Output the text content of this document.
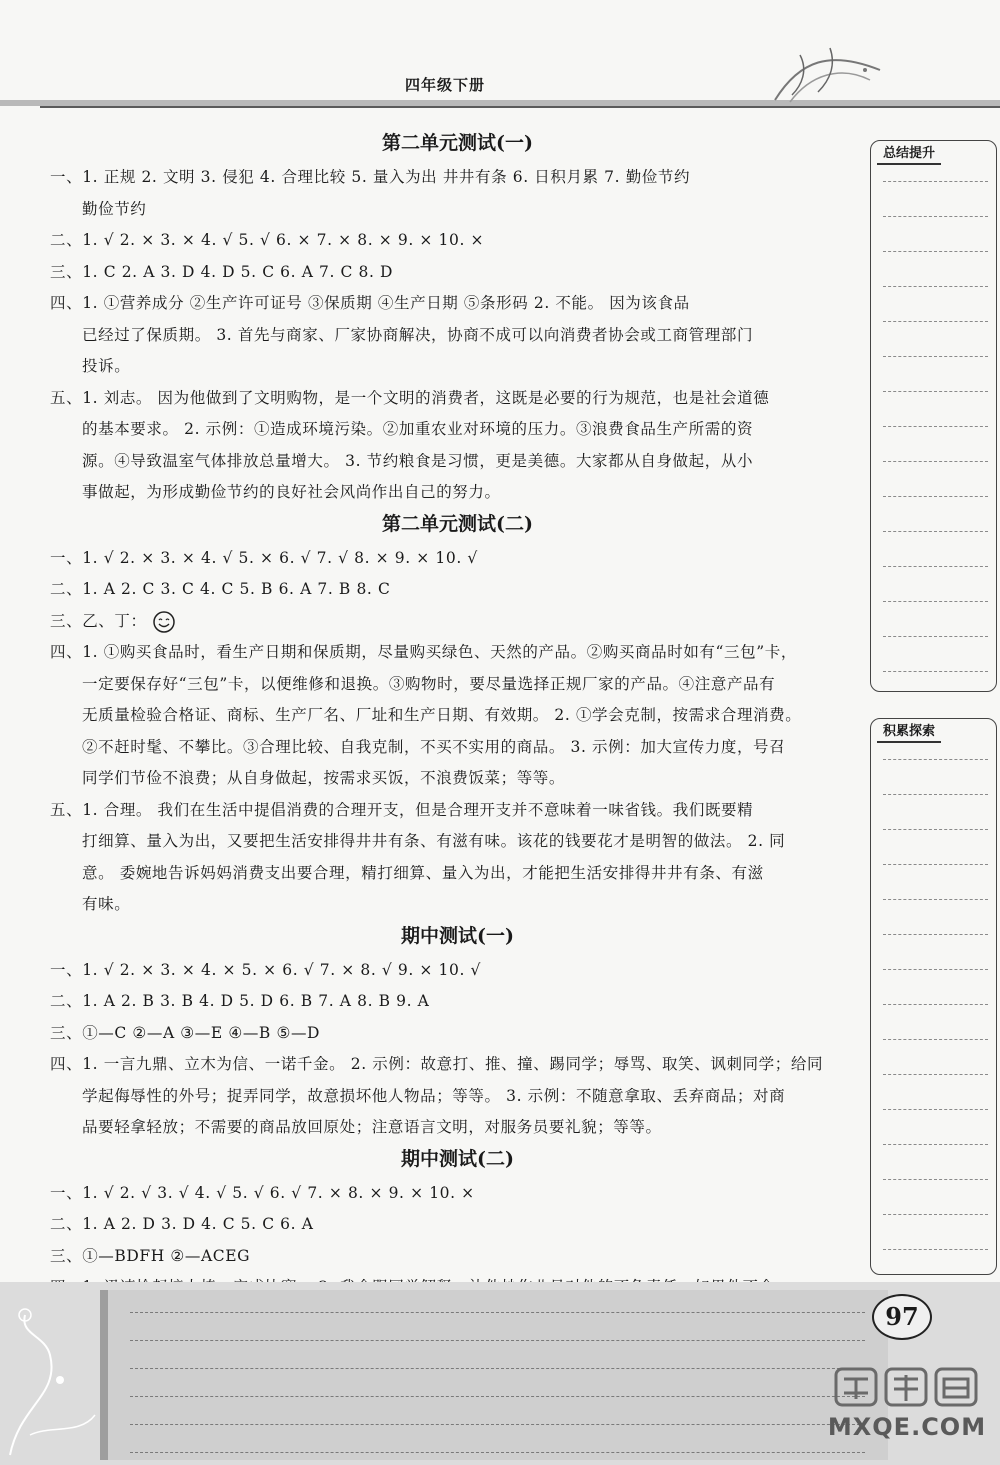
四年级下册
第二单元测试(一)
一、1. 正规 2. 文明 3. 侵犯 4. 合理比较 5. 量入为出 井井有条 6. 日积月累 7. 勤俭节约
勤俭节约
二、1. √ 2. × 3. × 4. √ 5. √ 6. × 7. × 8. × 9. × 10. ×
三、1. C 2. A 3. D 4. D 5. C 6. A 7. C 8. D
四、1. ①营养成分 ②生产许可证号 ③保质期 ④生产日期 ⑤条形码 2. 不能。 因为该食品
已经过了保质期。 3. 首先与商家、厂家协商解决，协商不成可以向消费者协会或工商管理部门
投诉。
五、1. 刘志。 因为他做到了文明购物，是一个文明的消费者，这既是必要的行为规范，也是社会道德
的基本要求。 2. 示例：①造成环境污染。②加重农业对环境的压力。③浪费食品生产所需的资
源。④导致温室气体排放总量增大。 3. 节约粮食是习惯，更是美德。大家都从自身做起，从小
事做起，为形成勤俭节约的良好社会风尚作出自己的努力。
第二单元测试(二)
一、1. √ 2. × 3. × 4. √ 5. × 6. √ 7. √ 8. × 9. × 10. √
二、1. A 2. C 3. C 4. C 5. B 6. A 7. B 8. C
三、乙、丁：
四、1. ①购买食品时，看生产日期和保质期，尽量购买绿色、天然的产品。②购买商品时如有“三包”卡，
一定要保存好“三包”卡，以便维修和退换。③购物时，要尽量选择正规厂家的产品。④注意产品有
无质量检验合格证、商标、生产厂名、厂址和生产日期、有效期。 2. ①学会克制，按需求合理消费。
②不赶时髦、不攀比。③合理比较、自我克制，不买不实用的商品。 3. 示例：加大宣传力度，号召
同学们节俭不浪费；从自身做起，按需求买饭，不浪费饭菜；等等。
五、1. 合理。 我们在生活中提倡消费的合理开支，但是合理开支并不意味着一味省钱。我们既要精
打细算、量入为出，又要把生活安排得井井有条、有滋有味。该花的钱要花才是明智的做法。 2. 同
意。 委婉地告诉妈妈消费支出要合理，精打细算、量入为出，才能把生活安排得井井有条、有滋
有味。
期中测试(一)
一、1. √ 2. × 3. × 4. × 5. × 6. √ 7. × 8. √ 9. × 10. √
二、1. A 2. B 3. B 4. D 5. D 6. B 7. A 8. B 9. A
三、①—C ②—A ③—E ④—B ⑤—D
四、1. 一言九鼎、立木为信、一诺千金。 2. 示例：故意打、推、撞、踢同学；辱骂、取笑、讽刺同学；给同
学起侮辱性的外号；捉弄同学，故意损坏他人物品；等等。 3. 示例：不随意拿取、丢弃商品；对商
品要轻拿轻放；不需要的商品放回原处；注意语言文明，对服务员要礼貌；等等。
期中测试(二)
一、1. √ 2. √ 3. √ 4. √ 5. √ 6. √ 7. × 8. × 9. × 10. ×
二、1. A 2. D 3. D 4. C 5. C 6. A
三、①—BDFH ②—ACEG
总结提升
积累探索
97
MXQE.COM
